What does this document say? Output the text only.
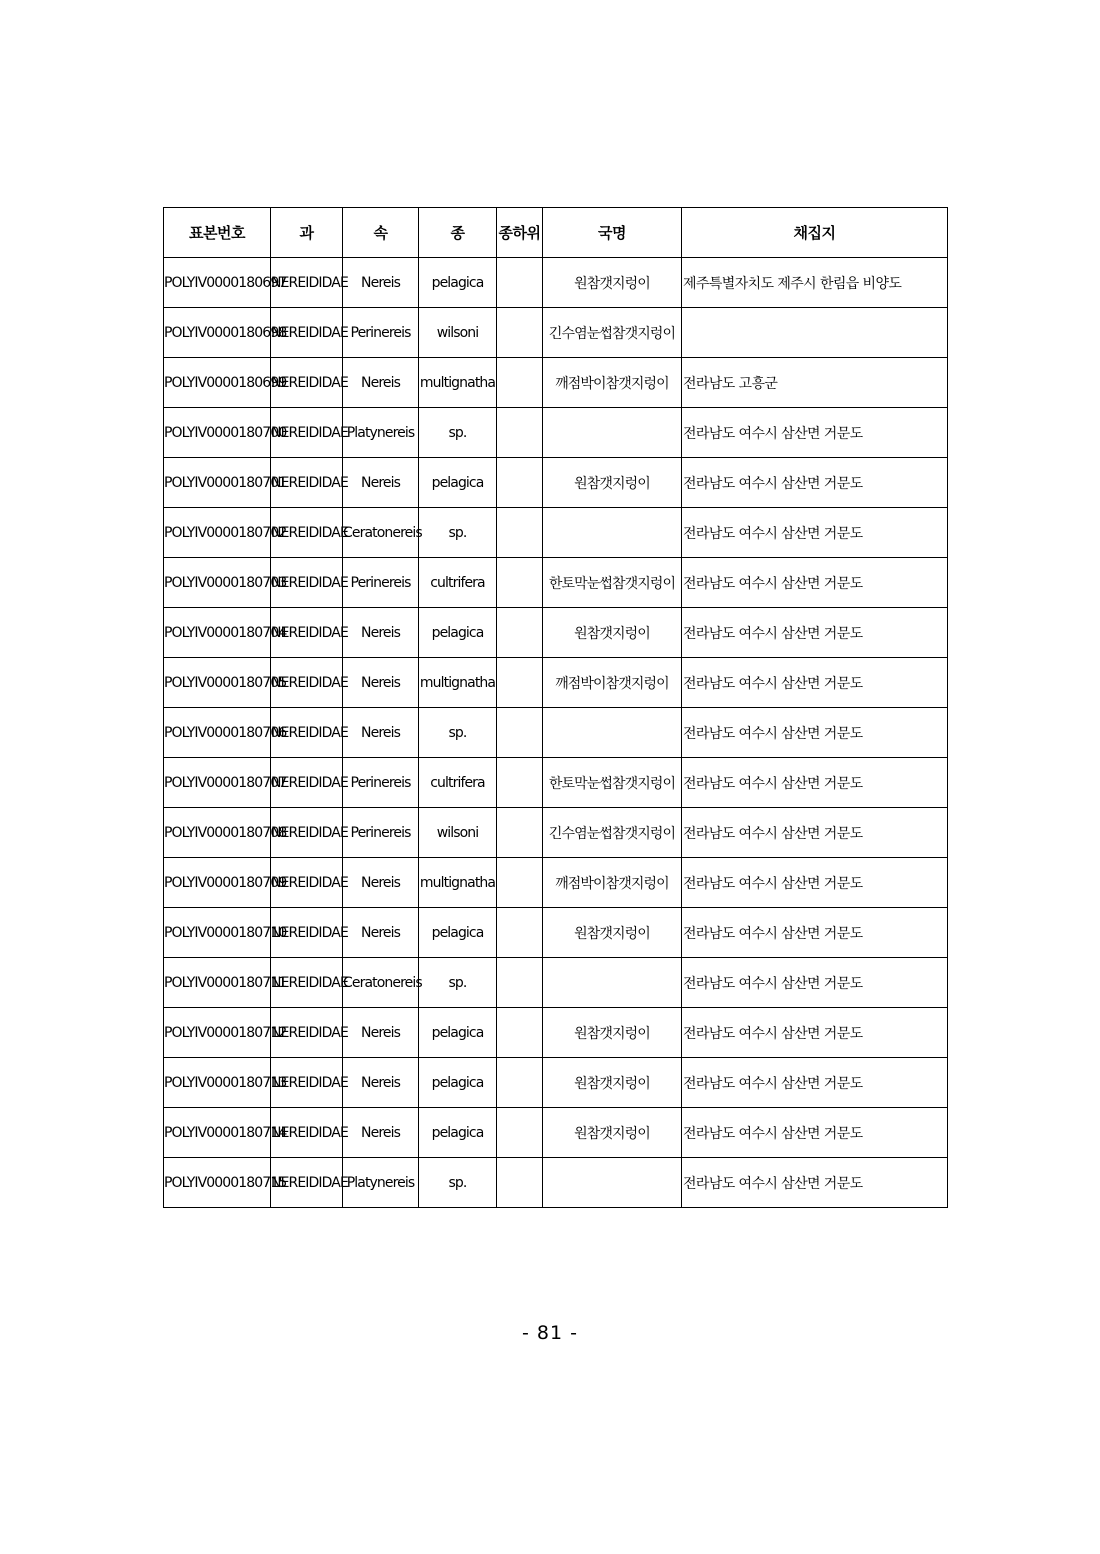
표본번호	과	속	종	종하위	국명	채집지
POLYIV0000180697	NEREIDIDAE	Nereis	pelagica		원참갯지렁이	제주특별자치도 제주시 한림읍 비양도
POLYIV0000180698	NEREIDIDAE	Perinereis	wilsoni		긴수염눈썹참갯지렁이	
POLYIV0000180699	NEREIDIDAE	Nereis	multignatha		깨점박이참갯지렁이	전라남도 고흥군
POLYIV0000180700	NEREIDIDAE	Platynereis	sp.			전라남도 여수시 삼산면 거문도
POLYIV0000180701	NEREIDIDAE	Nereis	pelagica		원참갯지렁이	전라남도 여수시 삼산면 거문도
POLYIV0000180702	NEREIDIDAE	Ceratonereis	sp.			전라남도 여수시 삼산면 거문도
POLYIV0000180703	NEREIDIDAE	Perinereis	cultrifera		한토막눈썹참갯지렁이	전라남도 여수시 삼산면 거문도
POLYIV0000180704	NEREIDIDAE	Nereis	pelagica		원참갯지렁이	전라남도 여수시 삼산면 거문도
POLYIV0000180705	NEREIDIDAE	Nereis	multignatha		깨점박이참갯지렁이	전라남도 여수시 삼산면 거문도
POLYIV0000180706	NEREIDIDAE	Nereis	sp.			전라남도 여수시 삼산면 거문도
POLYIV0000180707	NEREIDIDAE	Perinereis	cultrifera		한토막눈썹참갯지렁이	전라남도 여수시 삼산면 거문도
POLYIV0000180708	NEREIDIDAE	Perinereis	wilsoni		긴수염눈썹참갯지렁이	전라남도 여수시 삼산면 거문도
POLYIV0000180709	NEREIDIDAE	Nereis	multignatha		깨점박이참갯지렁이	전라남도 여수시 삼산면 거문도
POLYIV0000180710	NEREIDIDAE	Nereis	pelagica		원참갯지렁이	전라남도 여수시 삼산면 거문도
POLYIV0000180711	NEREIDIDAE	Ceratonereis	sp.			전라남도 여수시 삼산면 거문도
POLYIV0000180712	NEREIDIDAE	Nereis	pelagica		원참갯지렁이	전라남도 여수시 삼산면 거문도
POLYIV0000180713	NEREIDIDAE	Nereis	pelagica		원참갯지렁이	전라남도 여수시 삼산면 거문도
POLYIV0000180714	NEREIDIDAE	Nereis	pelagica		원참갯지렁이	전라남도 여수시 삼산면 거문도
POLYIV0000180715	NEREIDIDAE	Platynereis	sp.			전라남도 여수시 삼산면 거문도
- 81 -
